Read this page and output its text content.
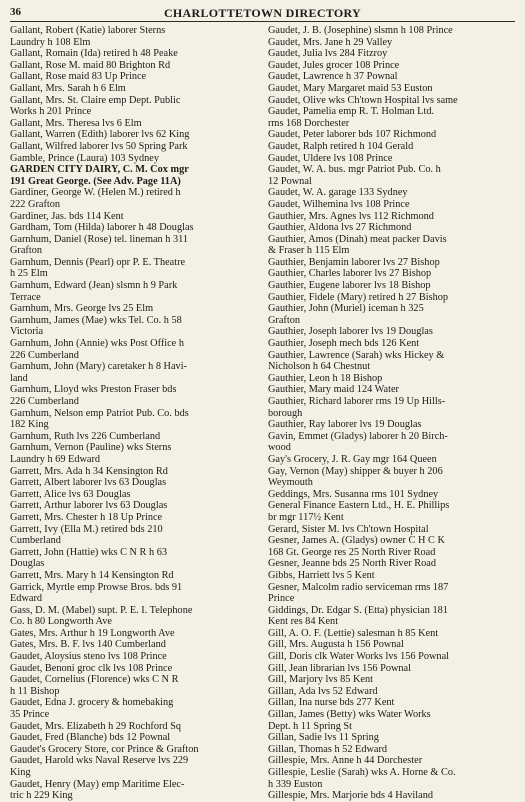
36	CHARLOTTETOWN DIRECTORY
Gallant, Robert (Katie) laborer Sterns
Laundry h 108 Elm
Gallant, Romain (Ida) retired h 48 Peake
Gallant, Rose M. maid 80 Brighton Rd
Gallant, Rose maid 83 Up Prince
Gallant, Mrs. Sarah h 6 Elm
Gallant, Mrs. St. Claire emp Dept. Public
Works h 201 Prince
Gallant, Mrs. Theresa lvs 6 Elm
Gallant, Warren (Edith) laborer lvs 62 King
Gallant, Wilfred laborer lvs 50 Spring Park
Gamble, Prince (Laura) 103 Sydney
GARDEN CITY DAIRY, C. M. Cox mgr
191 Great George. (See Adv. Page 11A)
Gardiner, George W. (Helen M.) retired h
222 Grafton
Gardiner, Jas. bds 114 Kent
Gardham, Tom (Hilda) laborer h 48 Douglas
Garnhum, Daniel (Rose) tel. lineman h 311
Grafton
Garnhum, Dennis (Pearl) opr P. E. Theatre
h 25 Elm
Garnhum, Edward (Jean) slsmn h 9 Park
Terrace
Garnhum, Mrs. George lvs 25 Elm
Garnhum, James (Mae) wks Tel. Co. h 58
Victoria
Garnhum, John (Annie) wks Post Office h
226 Cumberland
Garnhum, John (Mary) caretaker h 8 Havi-
land
Garnhum, Lloyd wks Preston Fraser bds
226 Cumberland
Garnhum, Nelson emp Patriot Pub. Co. bds
182 King
Garnhum, Ruth lvs 226 Cumberland
Garnhum, Vernon (Pauline) wks Sterns
Laundry h 69 Edward
Garrett, Mrs. Ada h 34 Kensington Rd
Garrett, Albert laborer lvs 63 Douglas
Garrett, Alice lvs 63 Douglas
Garrett, Arthur laborer lvs 63 Douglas
Garrett, Mrs. Chester h 18 Up Prince
Garrett, Ivy (Ella M.) retired bds 210
Cumberland
Garrett, John (Hattie) wks C N R h 63
Douglas
Garrett, Mrs. Mary h 14 Kensington Rd
Garrick, Myrtle emp Prowse Bros. bds 91
Edward
Gass, D. M. (Mabel) supt. P. E. I. Telephone
Co. h 80 Longworth Ave
Gates, Mrs. Arthur h 19 Longworth Ave
Gates, Mrs. B. F. lvs 140 Cumberland
Gaudet, Aloysius steno lvs 108 Prince
Gaudet, Benoni groc clk lvs 108 Prince
Gaudet, Cornelius (Florence) wks C N R
h 11 Bishop
Gaudet, Edna J. grocery & homebaking
35 Prince
Gaudet, Mrs. Elizabeth h 29 Rochford Sq
Gaudet, Fred (Blanche) bds 12 Pownal
Gaudet's Grocery Store, cor Prince & Grafton
Gaudet, Harold wks Naval Reserve lvs 229
King
Gaudet, Henry (May) emp Maritime Elec-
tric h 229 King
Gaudet, J. B. (Josephine) slsmn h 108 Prince
Gaudet, Mrs. Jane h 29 Valley
Gaudet, Julia lvs 284 Fitzroy
Gaudet, Jules grocer 108 Prince
Gaudet, Lawrence h 37 Pownal
Gaudet, Mary Margaret maid 53 Euston
Gaudet, Olive wks Ch'town Hospital lvs same
Gaudet, Pamelia emp R. T. Holman Ltd.
rms 168 Dorchester
Gaudet, Peter laborer bds 107 Richmond
Gaudet, Ralph retired h 104 Gerald
Gaudet, Uldere lvs 108 Prince
Gaudet, W. A. bus. mgr Patriot Pub. Co. h
12 Pownal
Gaudet, W. A. garage 133 Sydney
Gaudet, Wilhemina lvs 108 Prince
Gauthier, Mrs. Agnes lvs 112 Richmond
Gauthier, Aldona lvs 27 Richmond
Gauthier, Amos (Dinah) meat packer Davis
& Fraser h 115 Elm
Gauthier, Benjamin laborer lvs 27 Bishop
Gauthier, Charles laborer lvs 27 Bishop
Gauthier, Eugene laborer lvs 18 Bishop
Gauthier, Fidele (Mary) retired h 27 Bishop
Gauthier, John (Muriel) iceman h 325
Grafton
Gauthier, Joseph laborer lvs 19 Douglas
Gauthier, Joseph mech bds 126 Kent
Gauthier, Lawrence (Sarah) wks Hickey &
Nicholson h 64 Chestnut
Gauthier, Leon h 18 Bishop
Gauthier, Mary maid 124 Water
Gauthier, Richard laborer rms 19 Up Hills-
borough
Gauthier, Ray laborer lvs 19 Douglas
Gavin, Emmet (Gladys) laborer h 20 Birch-
wood
Gay's Grocery, J. R. Gay mgr 164 Queen
Gay, Vernon (May) shipper & buyer h 206
Weymouth
Geddings, Mrs. Susanna rms 101 Sydney
General Finance Eastern Ltd., H. E. Phillips
br mgr 117½ Kent
Gerard, Sister M. lvs Ch'town Hospital
Gesner, James A. (Gladys) owner C H C K
168 Gt. George res 25 North River Road
Gesner, Jeanne bds 25 North River Road
Gibbs, Harriett lvs 5 Kent
Gesner, Malcolm radio serviceman rms 187
Prince
Giddings, Dr. Edgar S. (Etta) physician 181
Kent res 84 Kent
Gill, A. O. F. (Lettie) salesman h 85 Kent
Gill, Mrs. Augusta h 156 Pownal
Gill, Doris clk Water Works lvs 156 Pownal
Gill, Jean librarian lvs 156 Pownal
Gill, Marjory lvs 85 Kent
Gillan, Ada lvs 52 Edward
Gillan, Ina nurse bds 277 Kent
Gillan, James (Betty) wks Water Works
Dept. h 11 Spring St
Gillan, Sadie lvs 11 Spring
Gillan, Thomas h 52 Edward
Gillespie, Mrs. Anne h 44 Dorchester
Gillespie, Leslie (Sarah) wks A. Horne & Co.
h 339 Euston
Gillespie, Mrs. Marjorie bds 4 Haviland
